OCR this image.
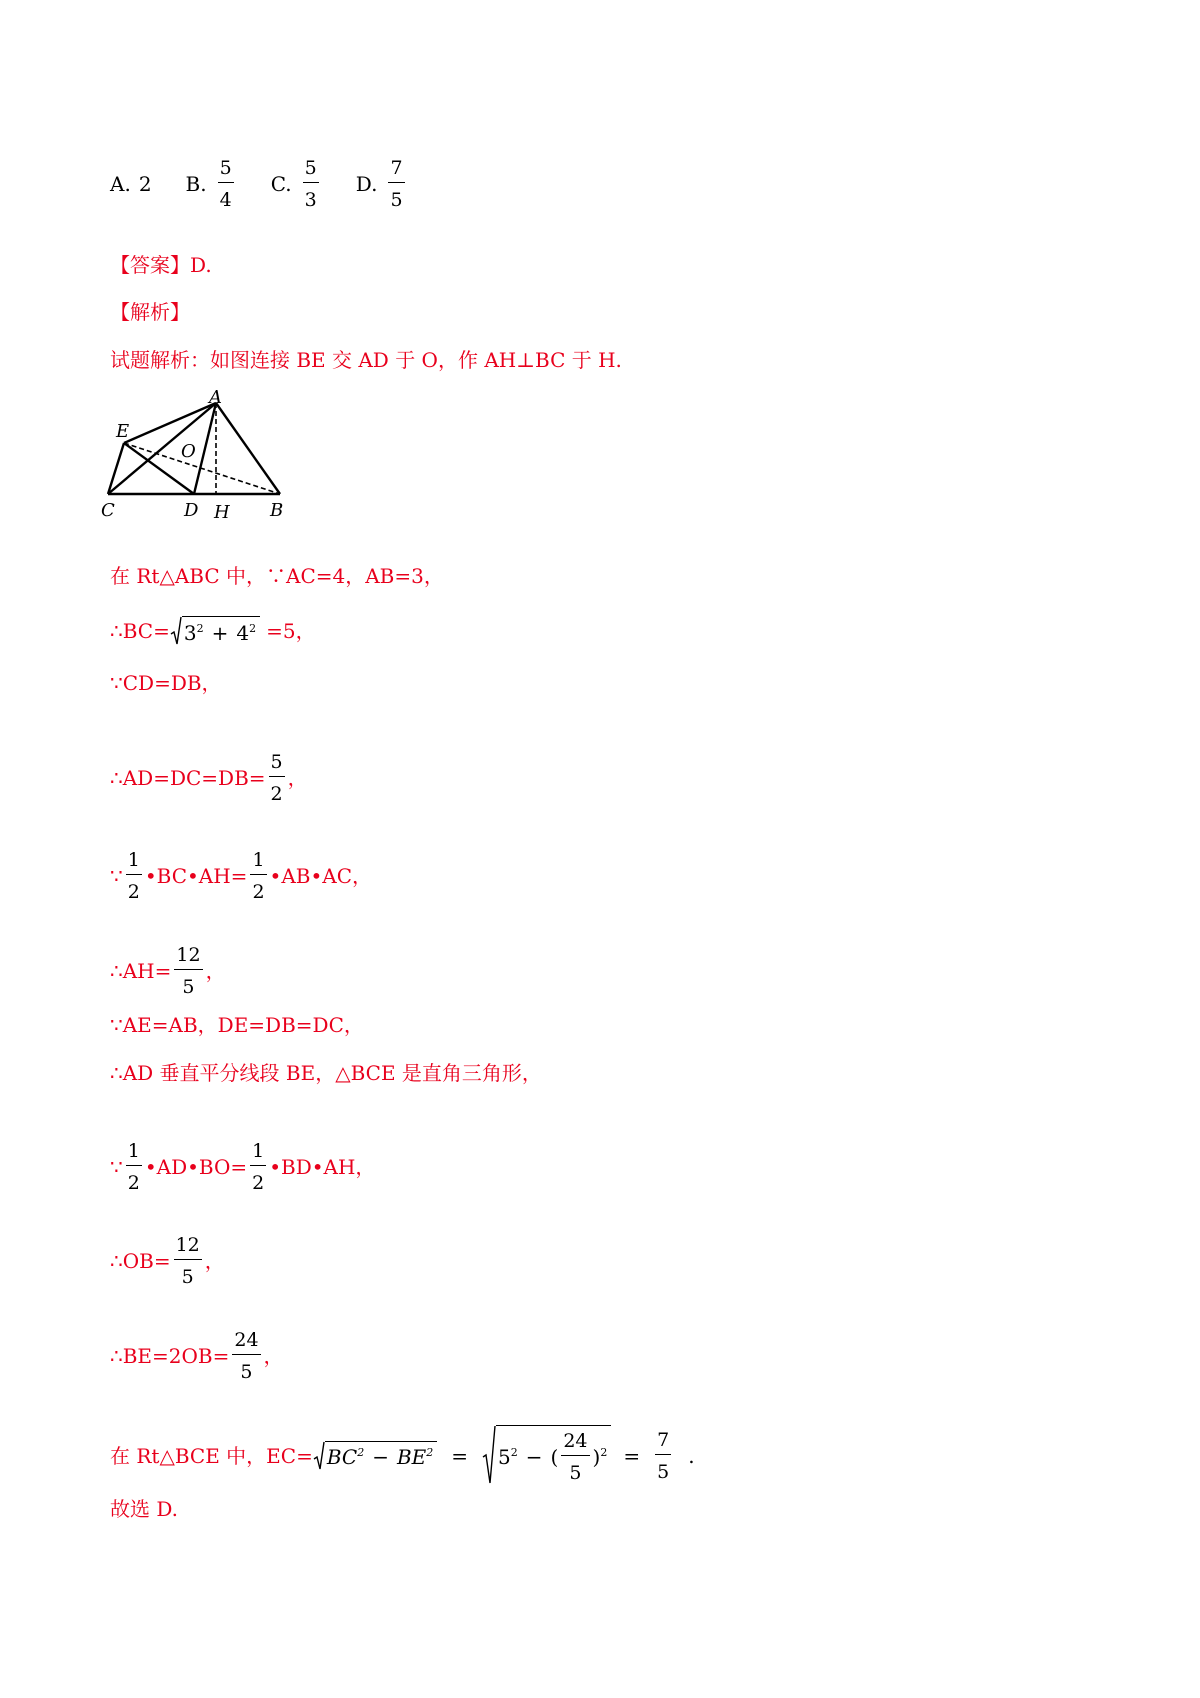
A. 2 B. $\frac{5}{4} C$. $\frac{5}{3} D$. $\frac{7}{5}$
【答案】 D.
【解析】
试题解析：如图连接 BE 交 AD 于 O，作 AH⊥BC 于 H.
A
E
O
C	D H B
在 Rt△ABC 中，∵AC=4，AB=3，
∴BC= $3^2 + 4^2 =5$，
∵CD=DB，
∴AD=DC=DB= $\frac{5}{2}$ ，
∵ $\frac{1}{2}$ •BC•AH= $\frac{1}{2}$ •AB•AC，
∴AH= $\frac{12}{5}$ ，
∵AE=AB，DE=DB=DC，
∴AD 垂直平分线段 BE，△BCE 是直角三角形，
∵ $\frac{1}{2}$ •AD•BO= $\frac{1}{2}$ •BD•AH，
∴OB= $\frac{12}{5}$ ，
∴BE=2OB= $\frac{24}{5}$ ，
在 Rt△BCE 中，$EC= BC^2 - BE^2 = 5^2$ − ( $\frac{24}{5} )^2 = \frac{7}{5}$ .
故选 D.
